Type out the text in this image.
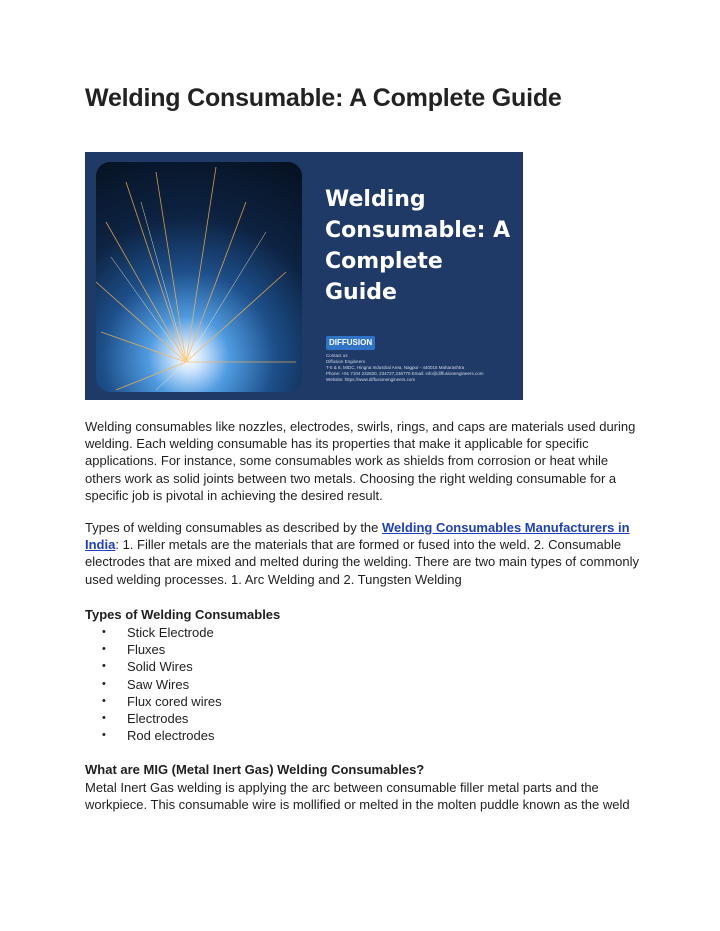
Welding Consumable: A Complete Guide
Welding
Consumable: A
Complete
Guide
DIFFUSION
Contact us
Diffusion Engineers
T-5 & 6, MIDC, Hingna Industrial Area, Nagpur - 440016 Maharashtra
Phone: +91 7104 232820, 234727,236770 Email: info@diffusionengineers.com
Website: https://www.diffusionengineers.com

Welding consumables like nozzles, electrodes, swirls, rings, and caps are materials used during welding. Each welding consumable has its properties that make it applicable for specific applications. For instance, some consumables work as shields from corrosion or heat while others work as solid joints between two metals. Choosing the right welding consumable for a specific job is pivotal in achieving the desired result.

Types of welding consumables as described by the Welding Consumables Manufacturers in India: 1. Filler metals are the materials that are formed or fused into the weld. 2. Consumable electrodes that are mixed and melted during the welding. There are two main types of commonly used welding processes. 1. Arc Welding and 2. Tungsten Welding

Types of Welding Consumables
• Stick Electrode
• Fluxes
• Solid Wires
• Saw Wires
• Flux cored wires
• Electrodes
• Rod electrodes
What are MIG (Metal Inert Gas) Welding Consumables?

Metal Inert Gas welding is applying the arc between consumable filler metal parts and the workpiece. This consumable wire is mollified or melted in the molten puddle known as the weld
